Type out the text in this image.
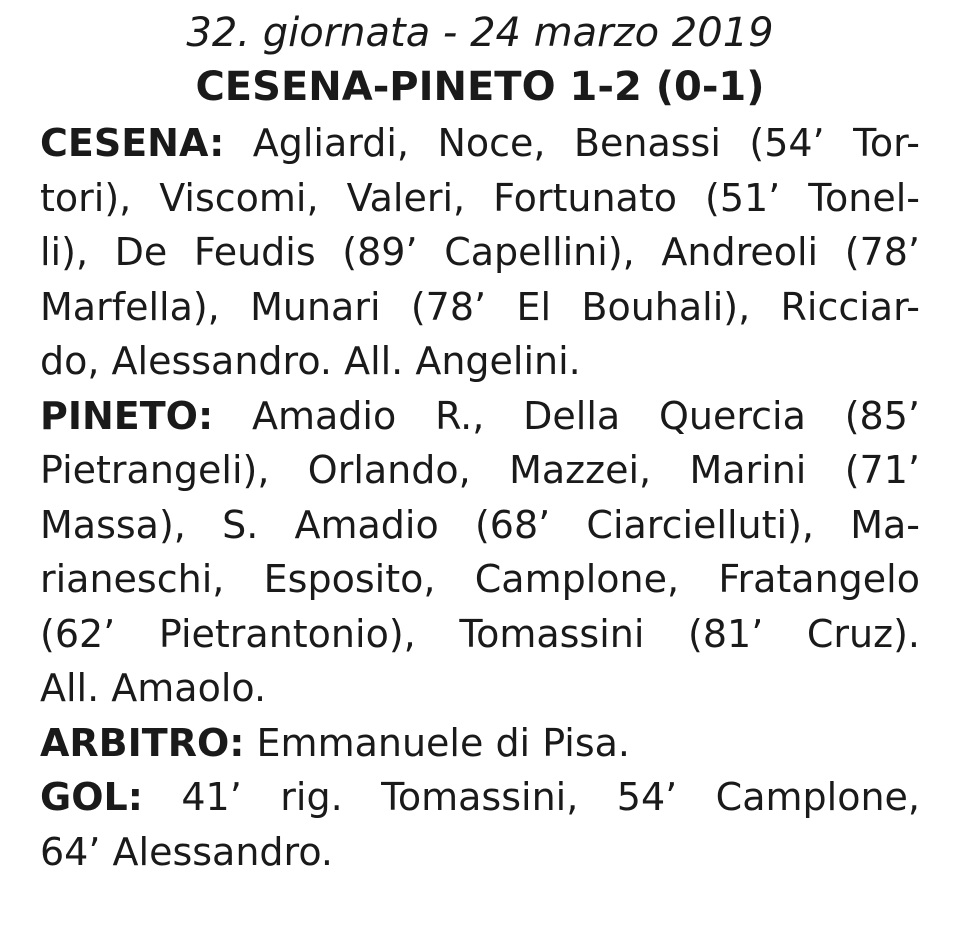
32. giornata - 24 marzo 2019
CESENA-PINETO 1-2 (0-1)
CESENA: Agliardi, Noce, Benassi (54’ Tor-
tori), Viscomi, Valeri, Fortunato (51’ Tonel-
li), De Feudis (89’ Capellini), Andreoli (78’
Marfella), Munari (78’ El Bouhali), Ricciar-
do, Alessandro. All. Angelini.
PINETO: Amadio R., Della Quercia (85’
Pietrangeli), Orlando, Mazzei, Marini (71’
Massa), S. Amadio (68’ Ciarcielluti), Ma-
rianeschi, Esposito, Camplone, Fratangelo
(62’ Pietrantonio), Tomassini (81’ Cruz).
All. Amaolo.
ARBITRO: Emmanuele di Pisa.
GOL: 41’ rig. Tomassini, 54’ Camplone,
64’ Alessandro.
